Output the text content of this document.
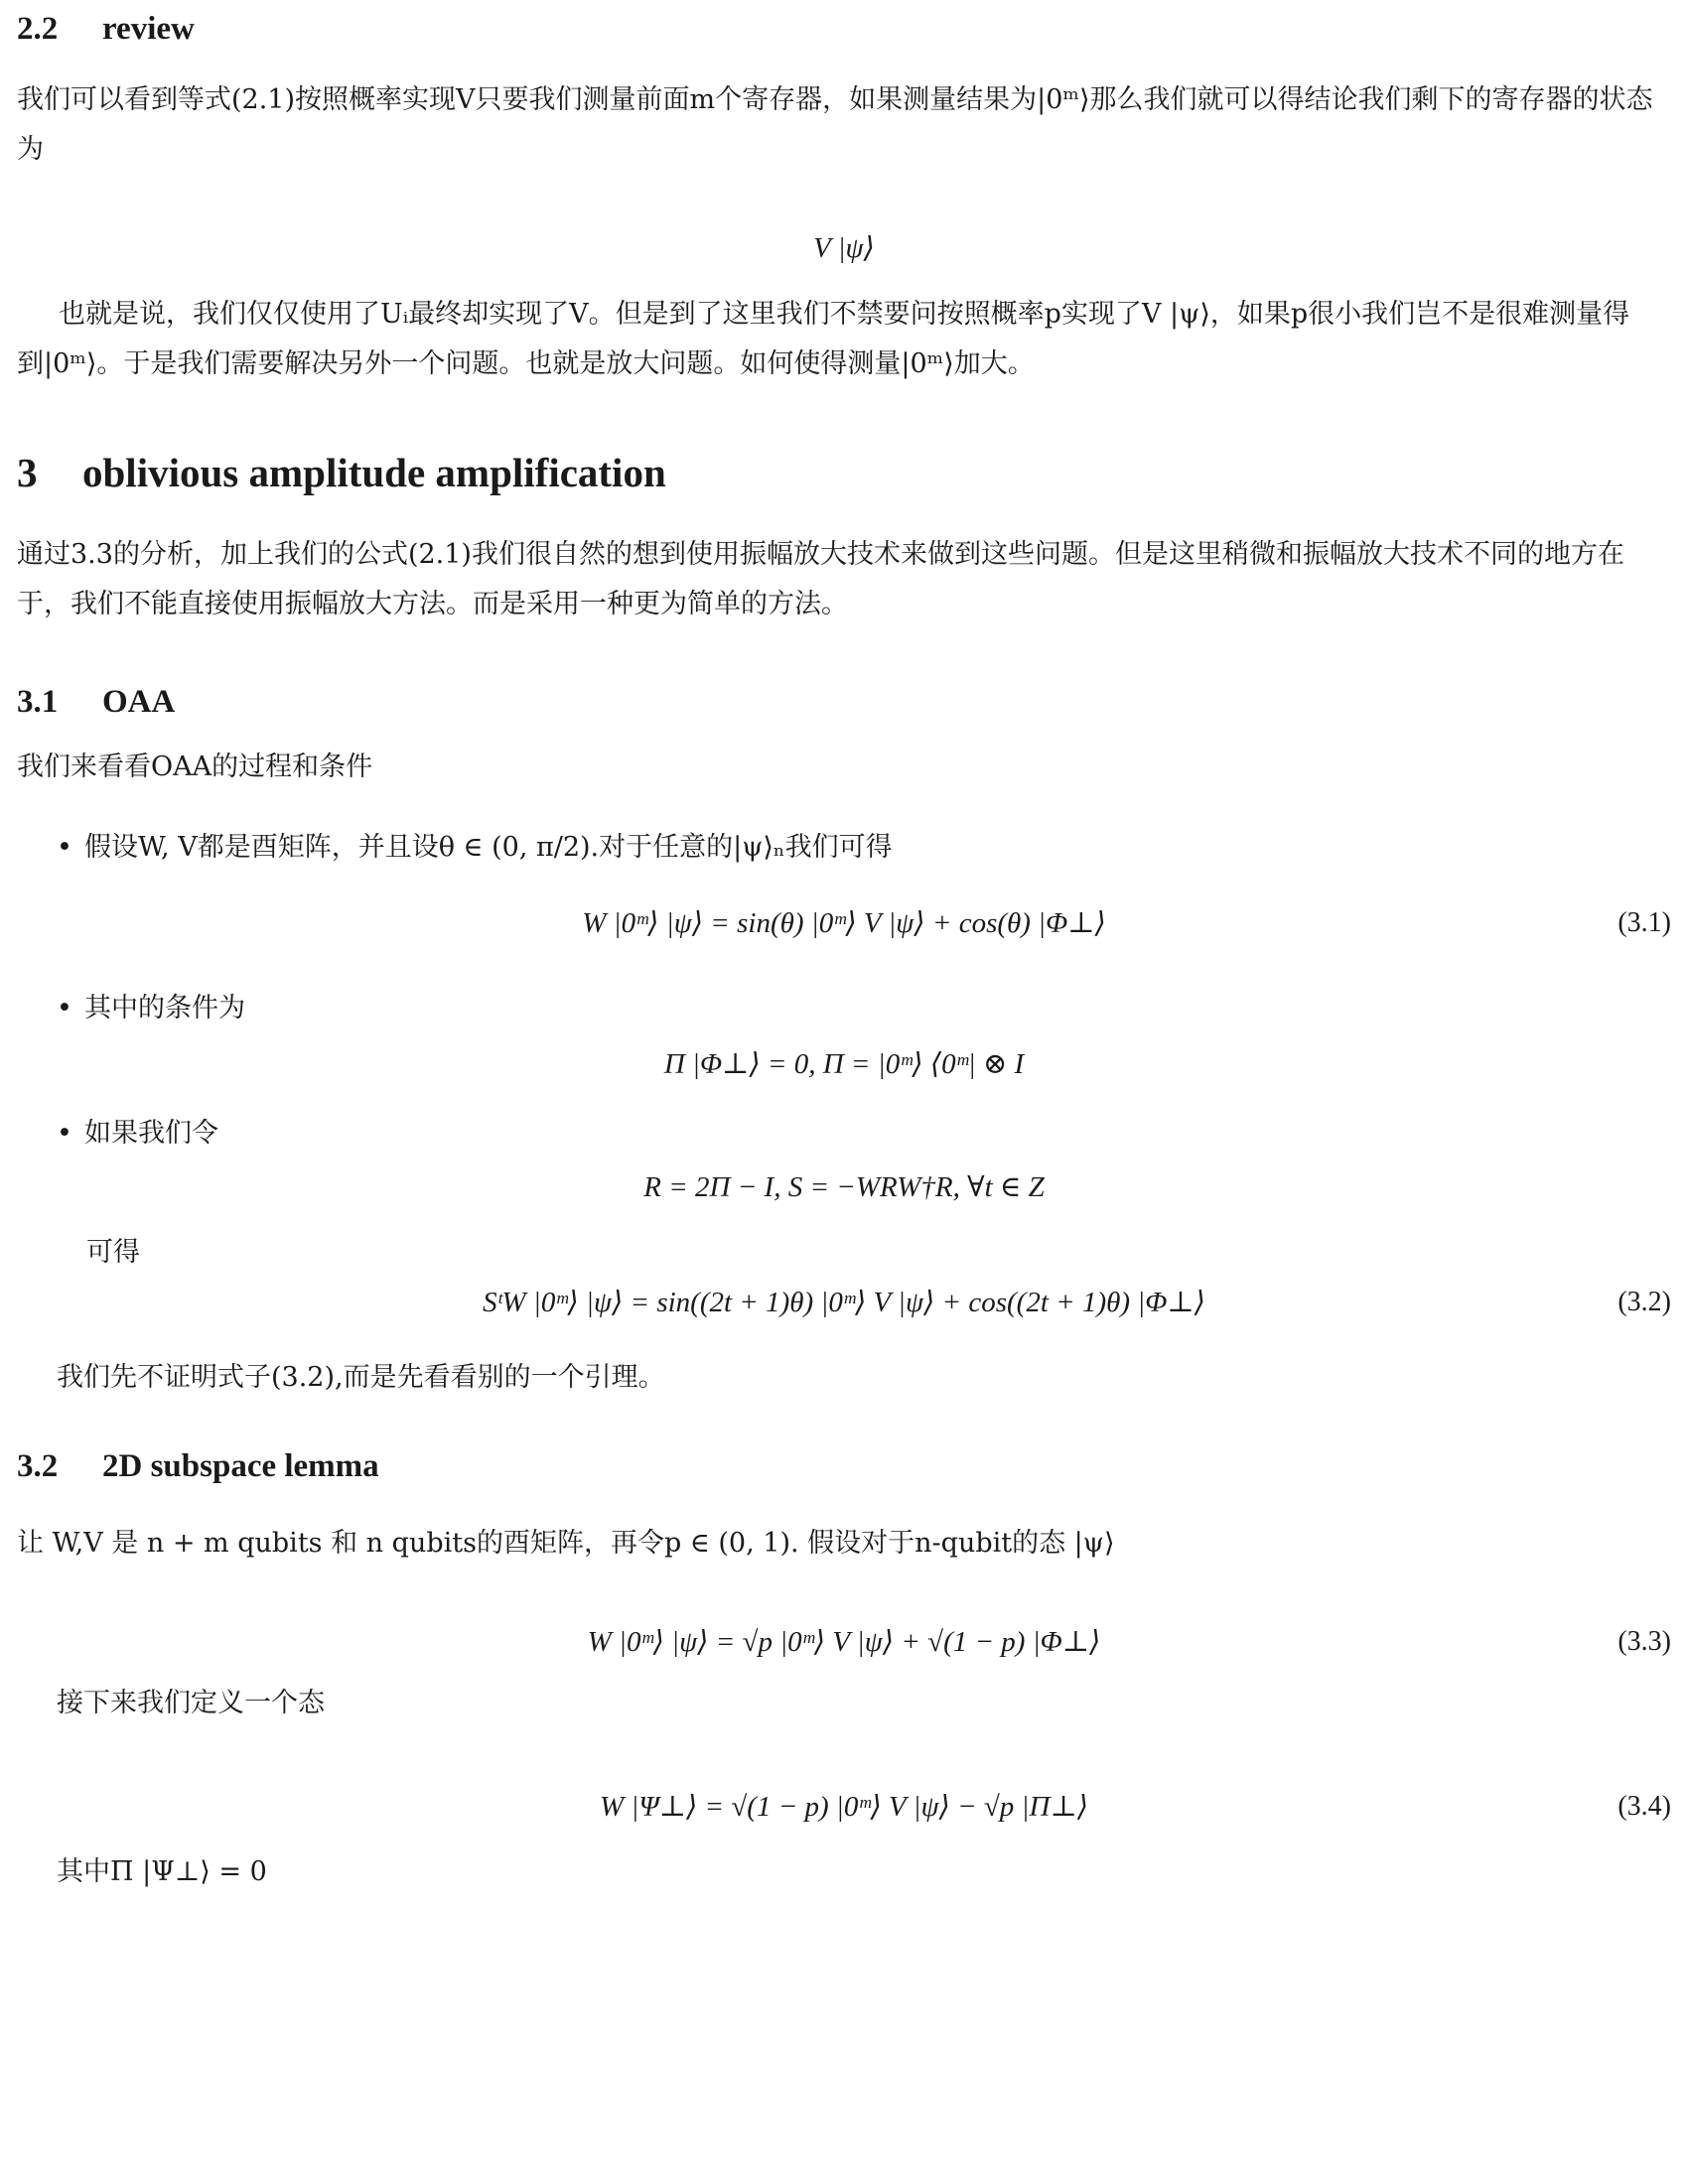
2.2 review

我们可以看到等式(2.1)按照概率实现V只要我们测量前面m个寄存器，如果测量结果为|0ᵐ⟩那么我们就可以得结论我们剩下的寄存器的状态为

V |ψ⟩

也就是说，我们仅仅使用了Uᵢ最终却实现了V。但是到了这里我们不禁要问按照概率p实现了V |ψ⟩，如果p很小我们岂不是很难测量得到|0ᵐ⟩。于是我们需要解决另外一个问题。也就是放大问题。如何使得测量|0ᵐ⟩加大。

3 oblivious amplitude amplification

通过3.3的分析，加上我们的公式(2.1)我们很自然的想到使用振幅放大技术来做到这些问题。但是这里稍微和振幅放大技术不同的地方在于，我们不能直接使用振幅放大方法。而是采用一种更为简单的方法。

3.1 OAA

我们来看看OAA的过程和条件

• 假设W, V都是酉矩阵，并且设θ ∈ (0, π/2).对于任意的|ψ⟩ₙ我们可得
W |0ᵐ⟩ |ψ⟩ = sin(θ) |0ᵐ⟩ V |ψ⟩ + cos(θ) |Φ⊥⟩	(3.1)
• 其中的条件为
Π |Φ⊥⟩ = 0, Π = |0ᵐ⟩ ⟨0ᵐ| ⊗ I
• 如果我们令
R = 2Π − I, S = −WRW†R, ∀t ∈ Z
可得
SᵗW |0ᵐ⟩ |ψ⟩ = sin((2t + 1)θ) |0ᵐ⟩ V |ψ⟩ + cos((2t + 1)θ) |Φ⊥⟩	(3.2)
我们先不证明式子(3.2),而是先看看别的一个引理。
3.2 2D subspace lemma

让 W,V 是 n + m qubits 和 n qubits的酉矩阵，再令p ∈ (0, 1). 假设对于n-qubit的态 |ψ⟩

W |0ᵐ⟩ |ψ⟩ = √p |0ᵐ⟩ V |ψ⟩ + √(1 − p) |Φ⊥⟩	(3.3)
接下来我们定义一个态
W |Ψ⊥⟩ = √(1 − p) |0ᵐ⟩ V |ψ⟩ − √p |Π⊥⟩	(3.4)
其中Π |Ψ⊥⟩ = 0
